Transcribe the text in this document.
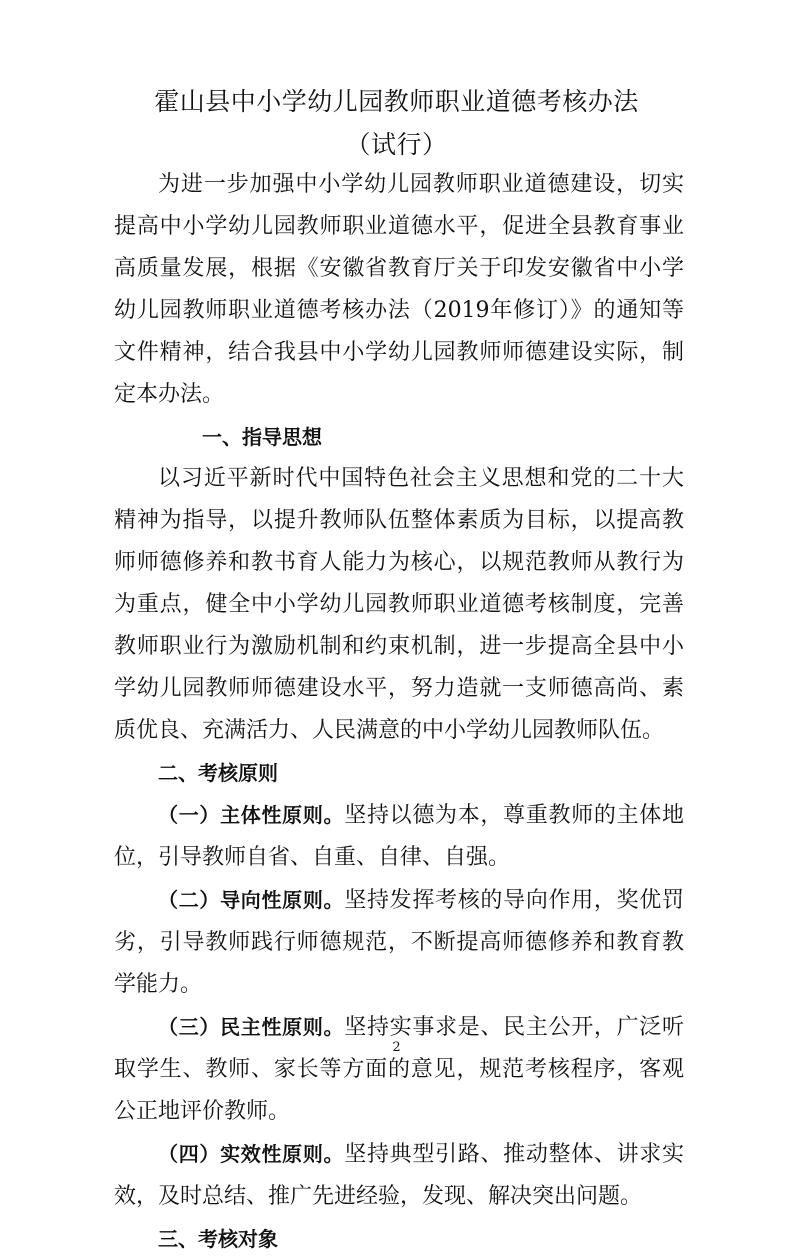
霍山县中小学幼儿园教师职业道德考核办法
（试行）

为进一步加强中小学幼儿园教师职业道德建设，切实提高中小学幼儿园教师职业道德水平，促进全县教育事业高质量发展，根据《安徽省教育厅关于印发安徽省中小学幼儿园教师职业道德考核办法（2019年修订）》的通知等文件精神，结合我县中小学幼儿园教师师德建设实际，制定本办法。

一、指导思想

以习近平新时代中国特色社会主义思想和党的二十大精神为指导，以提升教师队伍整体素质为目标，以提高教师师德修养和教书育人能力为核心，以规范教师从教行为为重点，健全中小学幼儿园教师职业道德考核制度，完善教师职业行为激励机制和约束机制，进一步提高全县中小学幼儿园教师师德建设水平，努力造就一支师德高尚、素质优良、充满活力、人民满意的中小学幼儿园教师队伍。

二、考核原则

（一）主体性原则。坚持以德为本，尊重教师的主体地位，引导教师自省、自重、自律、自强。

（二）导向性原则。坚持发挥考核的导向作用，奖优罚劣，引导教师践行师德规范，不断提高师德修养和教育教学能力。

（三）民主性原则。坚持实事求是、民主公开，广泛听取学生、教师、家长等方面的意见，规范考核程序，客观公正地评价教师。

（四）实效性原则。坚持典型引路、推动整体、讲求实效，及时总结、推广先进经验，发现、解决突出问题。

三、考核对象

2
